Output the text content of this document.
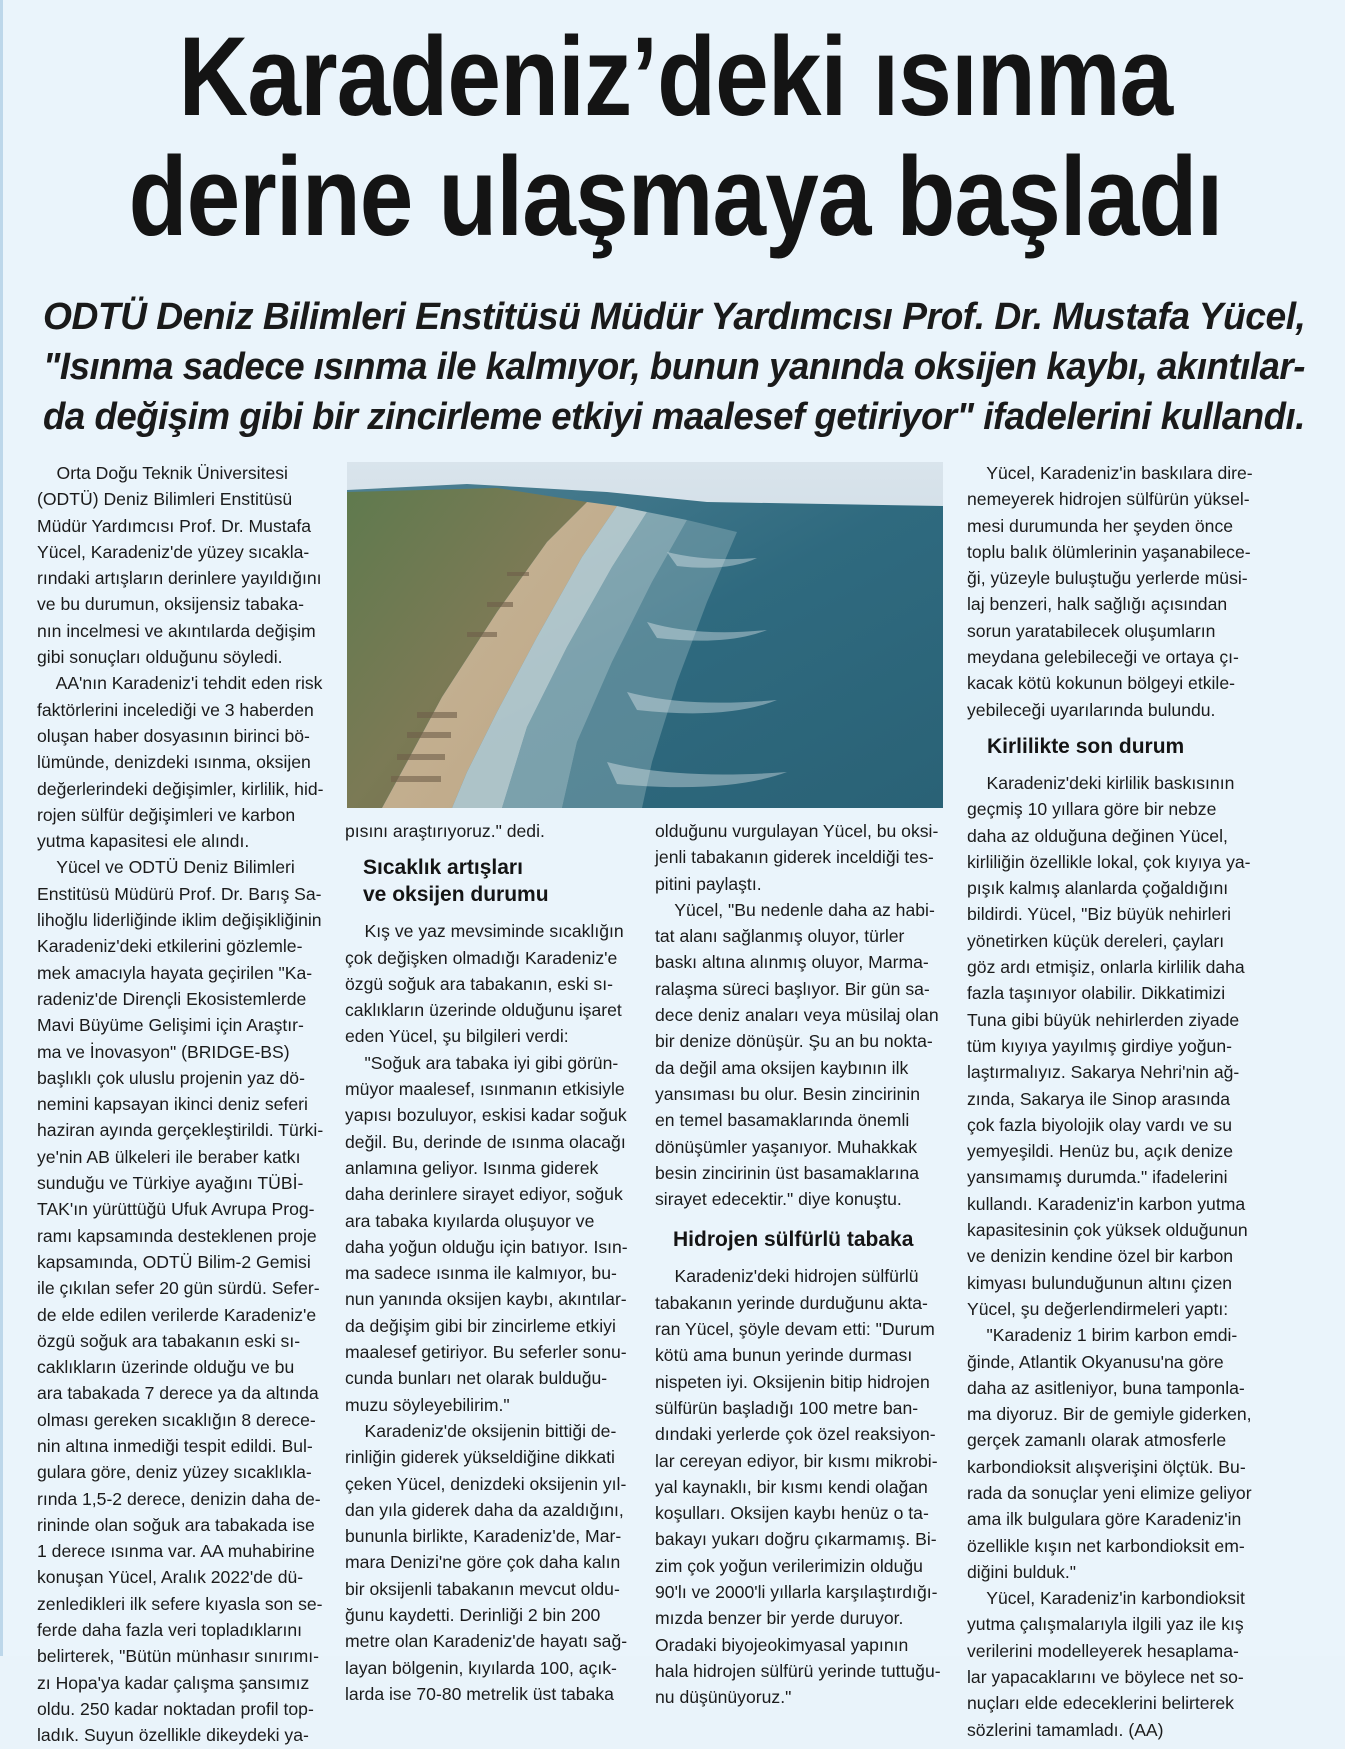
Karadeniz’deki ısınma
derine ulaşmaya başladı

ODTÜ Deniz Bilimleri Enstitüsü Müdür Yardımcısı Prof. Dr. Mustafa Yücel,

"Isınma sadece ısınma ile kalmıyor, bunun yanında oksijen kaybı, akıntılar-

da değişim gibi bir zincirleme etkiyi maalesef getiriyor" ifadelerini kullandı.

Orta Doğu Teknik Üniversitesi

(ODTÜ) Deniz Bilimleri Enstitüsü

Müdür Yardımcısı Prof. Dr. Mustafa

Yücel, Karadeniz'de yüzey sıcakla-

rındaki artışların derinlere yayıldığını

ve bu durumun, oksijensiz tabaka-

nın incelmesi ve akıntılarda değişim

gibi sonuçları olduğunu söyledi.

AA'nın Karadeniz'i tehdit eden risk

faktörlerini incelediği ve 3 haberden

oluşan haber dosyasının birinci bö-

lümünde, denizdeki ısınma, oksijen

değerlerindeki değişimler, kirlilik, hid-

rojen sülfür değişimleri ve karbon

yutma kapasitesi ele alındı.

Yücel ve ODTÜ Deniz Bilimleri

Enstitüsü Müdürü Prof. Dr. Barış Sa-

lihoğlu liderliğinde iklim değişikliğinin

Karadeniz'deki etkilerini gözlemle-

mek amacıyla hayata geçirilen "Ka-

radeniz'de Dirençli Ekosistemlerde

Mavi Büyüme Gelişimi için Araştır-

ma ve İnovasyon" (BRIDGE-BS)

başlıklı çok uluslu projenin yaz dö-

nemini kapsayan ikinci deniz seferi

haziran ayında gerçekleştirildi. Türki-

ye'nin AB ülkeleri ile beraber katkı

sunduğu ve Türkiye ayağını TÜBİ-

TAK'ın yürüttüğü Ufuk Avrupa Prog-

ramı kapsamında desteklenen proje

kapsamında, ODTÜ Bilim-2 Gemisi

ile çıkılan sefer 20 gün sürdü. Sefer-

de elde edilen verilerde Karadeniz'e

özgü soğuk ara tabakanın eski sı-

caklıkların üzerinde olduğu ve bu

ara tabakada 7 derece ya da altında

olması gereken sıcaklığın 8 derece-

nin altına inmediği tespit edildi. Bul-

gulara göre, deniz yüzey sıcaklıkla-

rında 1,5-2 derece, denizin daha de-

rininde olan soğuk ara tabakada ise

1 derece ısınma var. AA muhabirine

konuşan Yücel, Aralık 2022'de dü-

zenledikleri ilk sefere kıyasla son se-

ferde daha fazla veri topladıklarını

belirterek, "Bütün münhasır sınırımı-

zı Hopa'ya kadar çalışma şansımız

oldu. 250 kadar noktadan profil top-

ladık. Suyun özellikle dikeydeki ya-

pısını araştırıyoruz." dedi.

Sıcaklık artışları

ve oksijen durumu

Kış ve yaz mevsiminde sıcaklığın

çok değişken olmadığı Karadeniz'e

özgü soğuk ara tabakanın, eski sı-

caklıkların üzerinde olduğunu işaret

eden Yücel, şu bilgileri verdi:

"Soğuk ara tabaka iyi gibi görün-

müyor maalesef, ısınmanın etkisiyle

yapısı bozuluyor, eskisi kadar soğuk

değil. Bu, derinde de ısınma olacağı

anlamına geliyor. Isınma giderek

daha derinlere sirayet ediyor, soğuk

ara tabaka kıyılarda oluşuyor ve

daha yoğun olduğu için batıyor. Isın-

ma sadece ısınma ile kalmıyor, bu-

nun yanında oksijen kaybı, akıntılar-

da değişim gibi bir zincirleme etkiyi

maalesef getiriyor. Bu seferler sonu-

cunda bunları net olarak bulduğu-

muzu söyleyebilirim."

Karadeniz'de oksijenin bittiği de-

rinliğin giderek yükseldiğine dikkati

çeken Yücel, denizdeki oksijenin yıl-

dan yıla giderek daha da azaldığını,

bununla birlikte, Karadeniz'de, Mar-

mara Denizi'ne göre çok daha kalın

bir oksijenli tabakanın mevcut oldu-

ğunu kaydetti. Derinliği 2 bin 200

metre olan Karadeniz'de hayatı sağ-

layan bölgenin, kıyılarda 100, açık-

larda ise 70-80 metrelik üst tabaka

olduğunu vurgulayan Yücel, bu oksi-

jenli tabakanın giderek inceldiği tes-

pitini paylaştı.

Yücel, "Bu nedenle daha az habi-

tat alanı sağlanmış oluyor, türler

baskı altına alınmış oluyor, Marma-

ralaşma süreci başlıyor. Bir gün sa-

dece deniz anaları veya müsilaj olan

bir denize dönüşür. Şu an bu nokta-

da değil ama oksijen kaybının ilk

yansıması bu olur. Besin zincirinin

en temel basamaklarında önemli

dönüşümler yaşanıyor. Muhakkak

besin zincirinin üst basamaklarına

sirayet edecektir." diye konuştu.

Hidrojen sülfürlü tabaka

Karadeniz'deki hidrojen sülfürlü

tabakanın yerinde durduğunu akta-

ran Yücel, şöyle devam etti: "Durum

kötü ama bunun yerinde durması

nispeten iyi. Oksijenin bitip hidrojen

sülfürün başladığı 100 metre ban-

dındaki yerlerde çok özel reaksiyon-

lar cereyan ediyor, bir kısmı mikrobi-

yal kaynaklı, bir kısmı kendi olağan

koşulları. Oksijen kaybı henüz o ta-

bakayı yukarı doğru çıkarmamış. Bi-

zim çok yoğun verilerimizin olduğu

90'lı ve 2000'li yıllarla karşılaştırdığı-

mızda benzer bir yerde duruyor.

Oradaki biyojeokimyasal yapının

hala hidrojen sülfürü yerinde tuttuğu-

nu düşünüyoruz."

Yücel, Karadeniz'in baskılara dire-

nemeyerek hidrojen sülfürün yüksel-

mesi durumunda her şeyden önce

toplu balık ölümlerinin yaşanabilece-

ği, yüzeyle buluştuğu yerlerde müsi-

laj benzeri, halk sağlığı açısından

sorun yaratabilecek oluşumların

meydana gelebileceği ve ortaya çı-

kacak kötü kokunun bölgeyi etkile-

yebileceği uyarılarında bulundu.

Kirlilikte son durum

Karadeniz'deki kirlilik baskısının

geçmiş 10 yıllara göre bir nebze

daha az olduğuna değinen Yücel,

kirliliğin özellikle lokal, çok kıyıya ya-

pışık kalmış alanlarda çoğaldığını

bildirdi. Yücel, "Biz büyük nehirleri

yönetirken küçük dereleri, çayları

göz ardı etmişiz, onlarla kirlilik daha

fazla taşınıyor olabilir. Dikkatimizi

Tuna gibi büyük nehirlerden ziyade

tüm kıyıya yayılmış girdiye yoğun-

laştırmalıyız. Sakarya Nehri'nin ağ-

zında, Sakarya ile Sinop arasında

çok fazla biyolojik olay vardı ve su

yemyeşildi. Henüz bu, açık denize

yansımamış durumda." ifadelerini

kullandı. Karadeniz'in karbon yutma

kapasitesinin çok yüksek olduğunun

ve denizin kendine özel bir karbon

kimyası bulunduğunun altını çizen

Yücel, şu değerlendirmeleri yaptı:

"Karadeniz 1 birim karbon emdi-

ğinde, Atlantik Okyanusu'na göre

daha az asitleniyor, buna tamponla-

ma diyoruz. Bir de gemiyle giderken,

gerçek zamanlı olarak atmosferle

karbondioksit alışverişini ölçtük. Bu-

rada da sonuçlar yeni elimize geliyor

ama ilk bulgulara göre Karadeniz'in

özellikle kışın net karbondioksit em-

diğini bulduk."

Yücel, Karadeniz'in karbondioksit

yutma çalışmalarıyla ilgili yaz ile kış

verilerini modelleyerek hesaplama-

lar yapacaklarını ve böylece net so-

nuçları elde edeceklerini belirterek

sözlerini tamamladı. (AA)
